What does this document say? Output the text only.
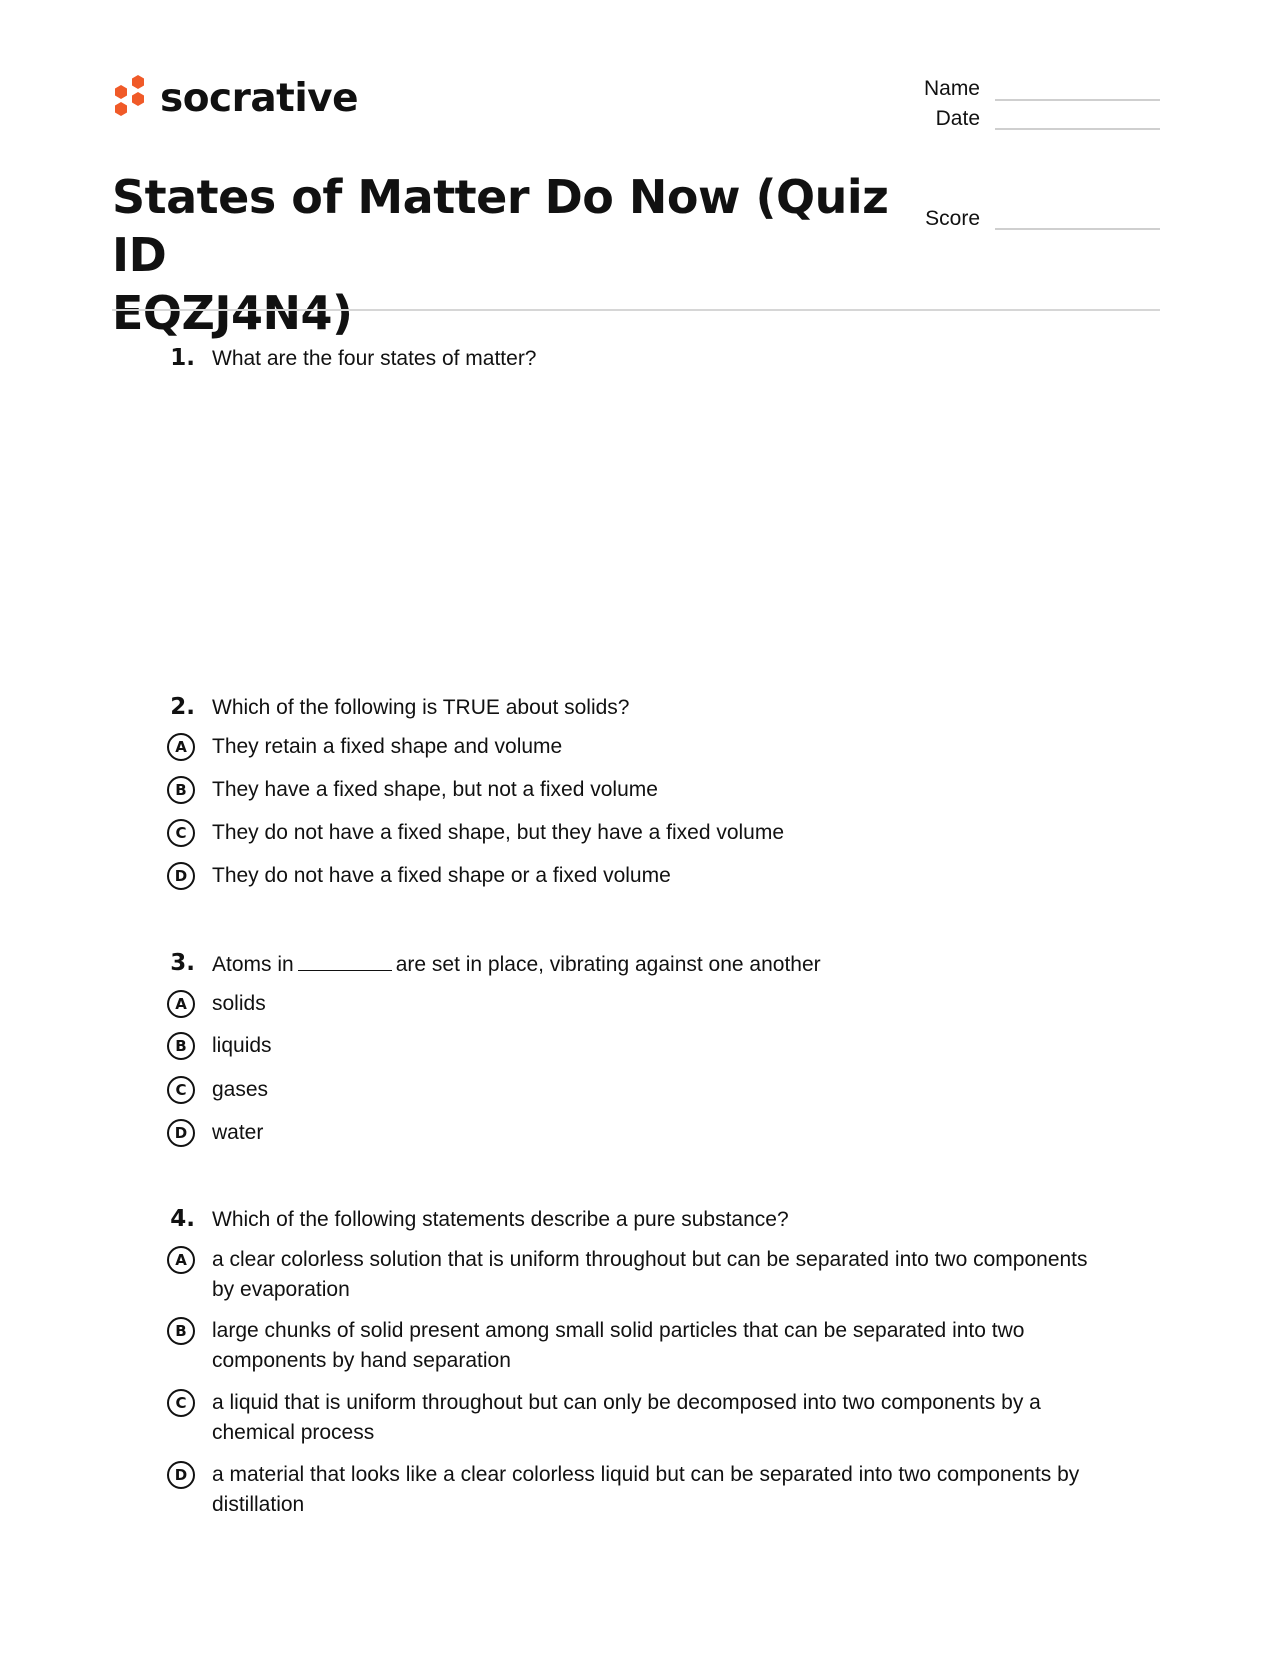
socrative	Name
Date
Score
States of Matter Do Now (Quiz ID
EQZJ4N4)
1. What are the four states of matter?
2. Which of the following is TRUE about solids?
A	They retain a fixed shape and volume
B	They have a fixed shape, but not a fixed volume
C	They do not have a fixed shape, but they have a fixed volume
D	They do not have a fixed shape or a fixed volume
3. Atoms in	are set in place, vibrating against one another
A	solids
B	liquids
C	gases
D	water
4. Which of the following statements describe a pure substance?
A	a clear colorless solution that is uniform throughout but can be separated into two components
by evaporation
B	large chunks of solid present among small solid particles that can be separated into two
components by hand separation
C	a liquid that is uniform throughout but can only be decomposed into two components by a
chemical process
D	a material that looks like a clear colorless liquid but can be separated into two components by
distillation
